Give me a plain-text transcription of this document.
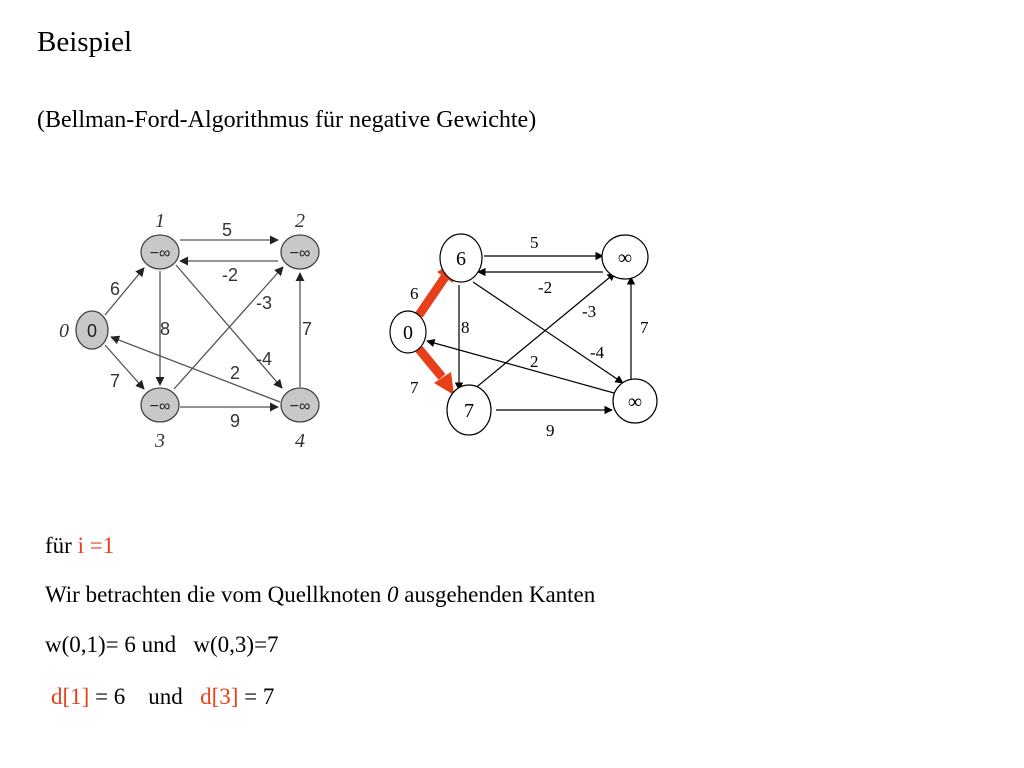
Beispiel
(Bellman-Ford-Algorithmus für negative Gewichte)
6
7
5
-2
8
-4
-3
9
7
2
0
−∞	−∞
−∞	−∞
0
1	2
3	4
6
7
5
-2
8
-4
-3
9
7
2
0
6	∞
7	∞

für i =1

Wir betrachten die vom Quellknoten 0 ausgehenden Kanten

w(0,1)= 6 und   w(0,3)=7

d[1] = 6    und   d[3] = 7
